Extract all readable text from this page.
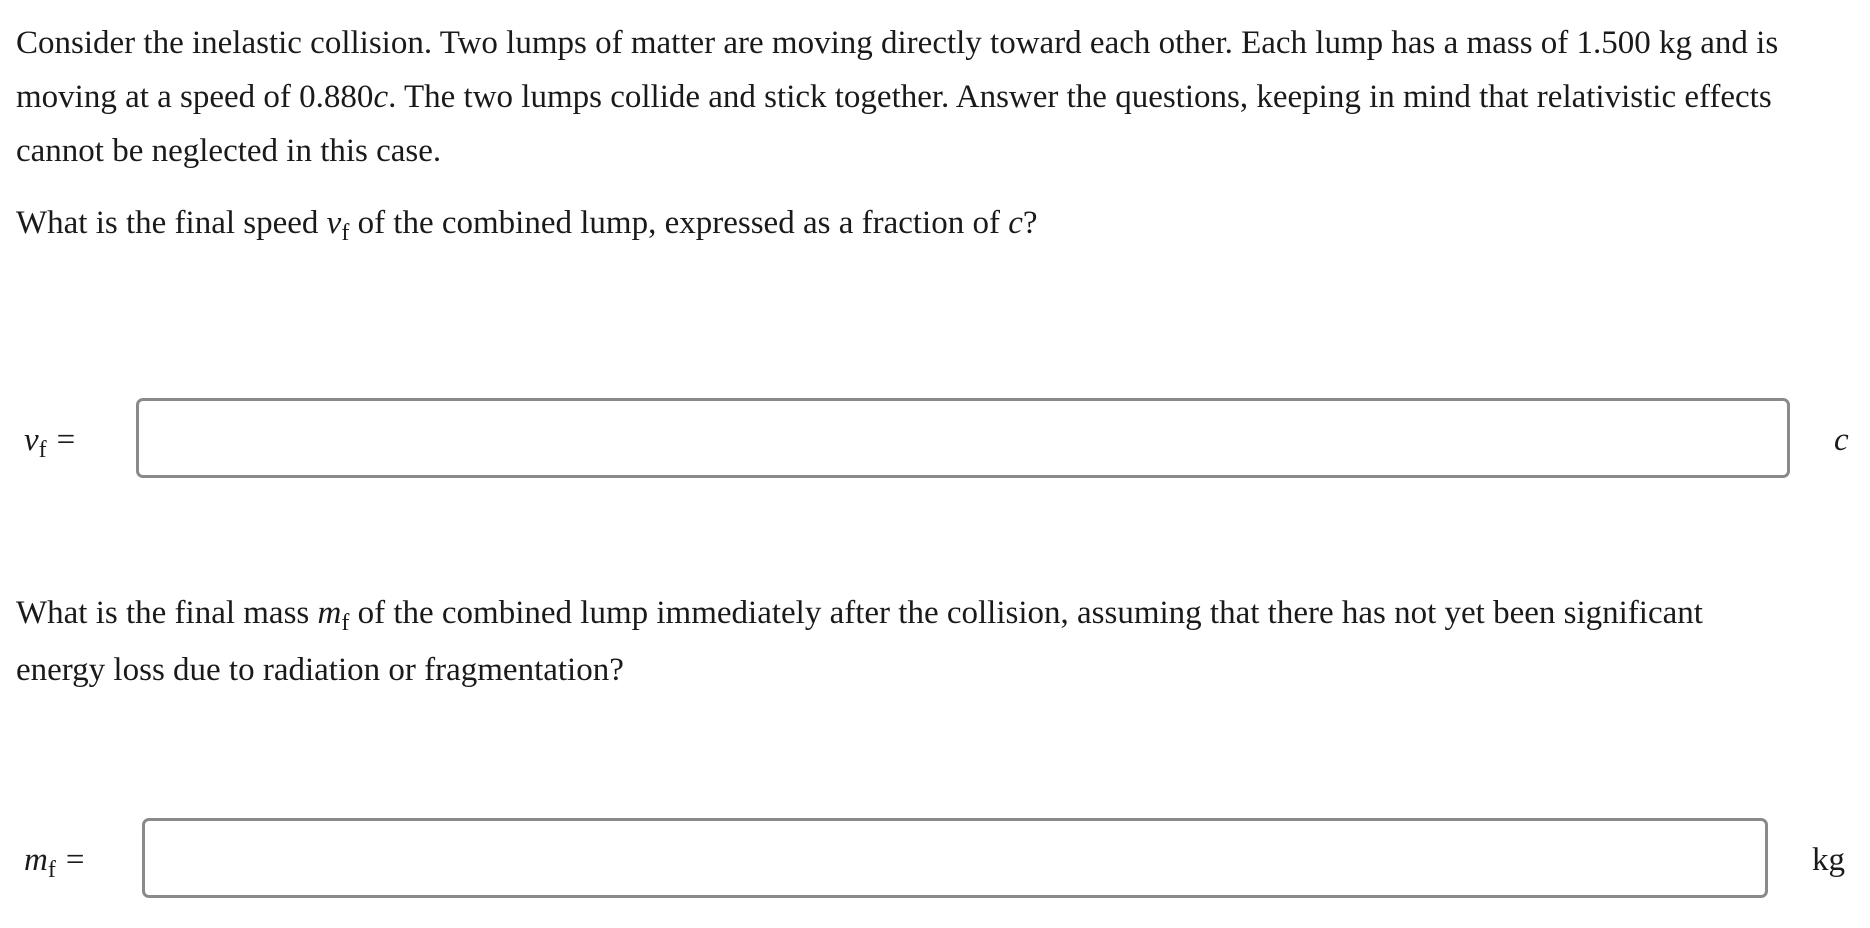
Consider the inelastic collision. Two lumps of matter are moving directly toward each other. Each lump has a mass of 1.500 kg and is moving at a speed of 0.880c. The two lumps collide and stick together. Answer the questions, keeping in mind that relativistic effects cannot be neglected in this case.

What is the final speed $v_f$ of the combined lump, expressed as a fraction of c?

$v_f$ =	c

What is the final mass $m_f$ of the combined lump immediately after the collision, assuming that there has not yet been significant energy loss due to radiation or fragmentation?

$m_f$ =	kg
